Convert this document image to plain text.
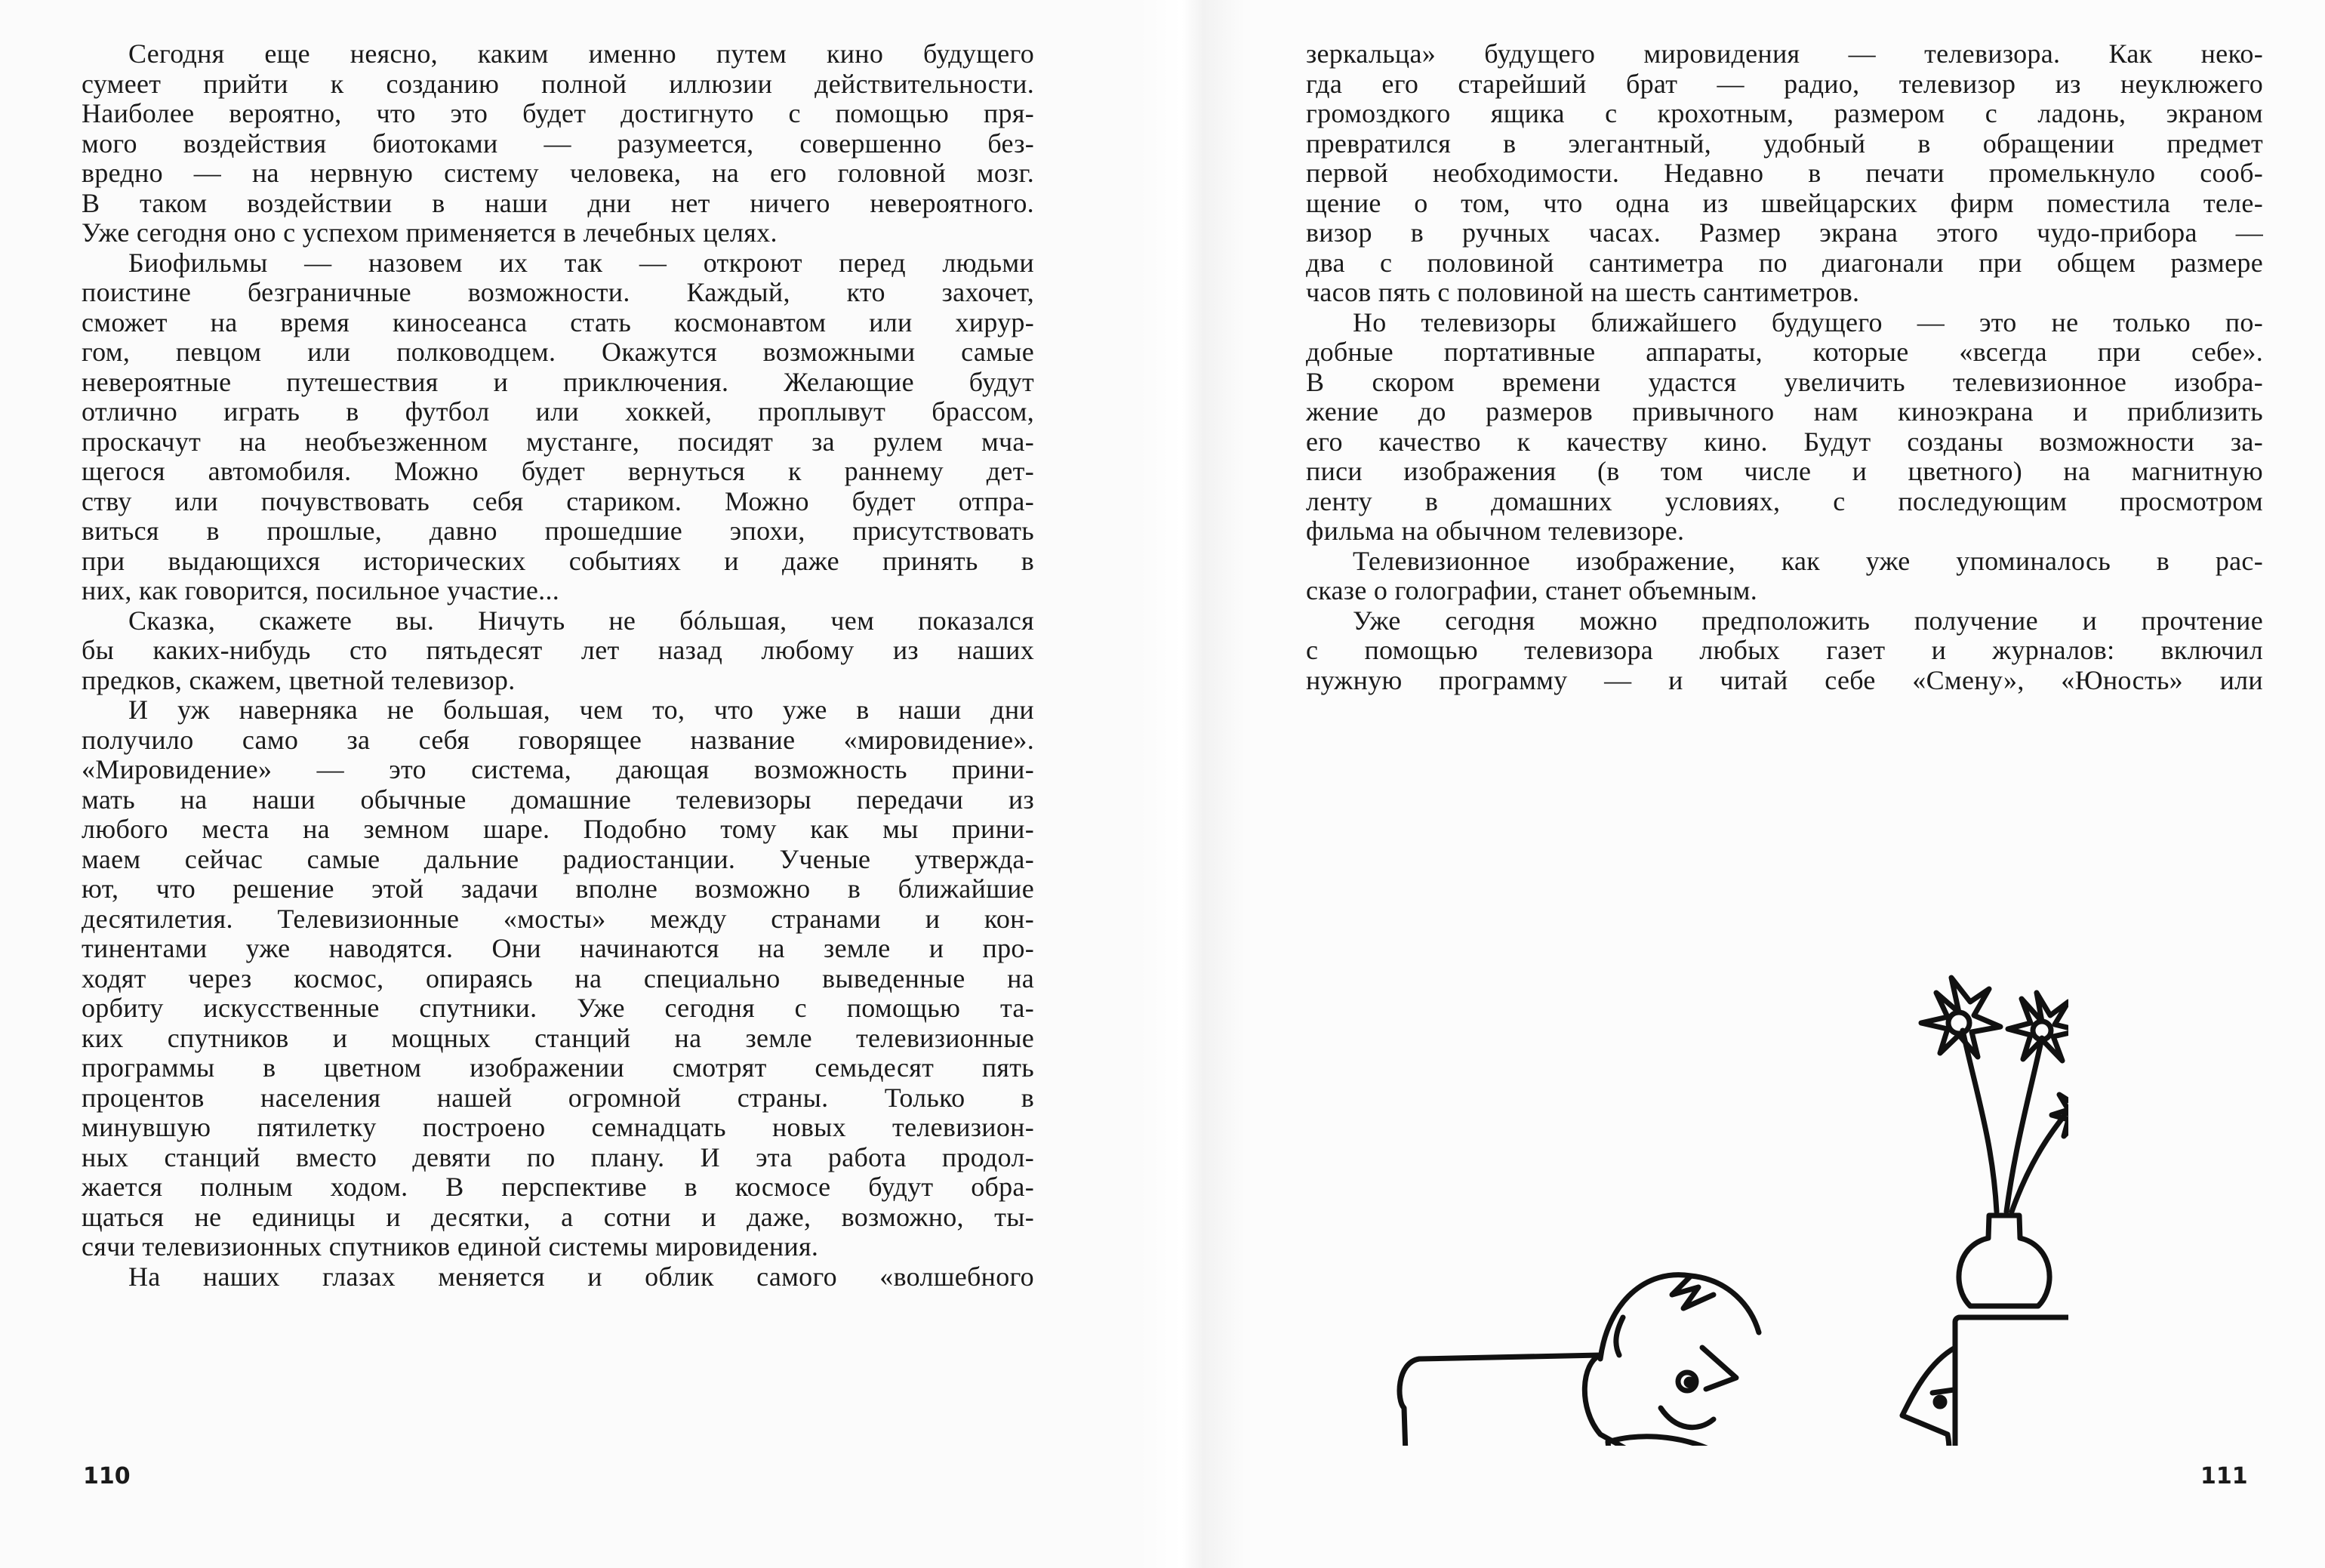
Сегодня еще неясно, каким именно путем кино будущего
сумеет прийти к созданию полной иллюзии действительности.
Наиболее вероятно, что это будет достигнуто с помощью пря-
мого воздействия биотоками — разумеется, совершенно без-
вредно — на нервную систему человека, на его головной мозг.
В таком воздействии в наши дни нет ничего невероятного.
Уже сегодня оно с успехом применяется в лечебных целях.
Биофильмы — назовем их так — откроют перед людьми
поистине безграничные возможности. Каждый, кто захочет,
сможет на время киносеанса стать космонавтом или хирур-
гом, певцом или полководцем. Окажутся возможными самые
невероятные путешествия и приключения. Желающие будут
отлично играть в футбол или хоккей, проплывут брассом,
проскачут на необъезженном мустанге, посидят за рулем мча-
щегося автомобиля. Можно будет вернуться к раннему дет-
ству или почувствовать себя стариком. Можно будет отпра-
виться в прошлые, давно прошедшие эпохи, присутствовать
при выдающихся исторических событиях и даже принять в
них, как говорится, посильное участие...
Сказка, скажете вы. Ничуть не бóльшая, чем показался
бы каких-нибудь сто пятьдесят лет назад любому из наших
предков, скажем, цветной телевизор.
И уж наверняка не большая, чем то, что уже в наши дни
получило само за себя говорящее название «мировидение».
«Мировидение» — это система, дающая возможность прини-
мать на наши обычные домашние телевизоры передачи из
любого места на земном шаре. Подобно тому как мы прини-
маем сейчас самые дальние радиостанции. Ученые утвержда-
ют, что решение этой задачи вполне возможно в ближайшие
десятилетия. Телевизионные «мосты» между странами и кон-
тинентами уже наводятся. Они начинаются на земле и про-
ходят через космос, опираясь на специально выведенные на
орбиту искусственные спутники. Уже сегодня с помощью та-
ких спутников и мощных станций на земле телевизионные
программы в цветном изображении смотрят семьдесят пять
процентов населения нашей огромной страны. Только в
минувшую пятилетку построено семнадцать новых телевизион-
ных станций вместо девяти по плану. И эта работа продол-
жается полным ходом. В перспективе в космосе будут обра-
щаться не единицы и десятки, а сотни и даже, возможно, ты-
сячи телевизионных спутников единой системы мировидения.
На наших глазах меняется и облик самого «волшебного
110
зеркальца» будущего мировидения — телевизора. Как неко-
гда его старейший брат — радио, телевизор из неуклюжего
громоздкого ящика с крохотным, размером с ладонь, экраном
превратился в элегантный, удобный в обращении предмет
первой необходимости. Недавно в печати промелькнуло сооб-
щение о том, что одна из швейцарских фирм поместила теле-
визор в ручных часах. Размер экрана этого чудо-прибора —
два с половиной сантиметра по диагонали при общем размере
часов пять с половиной на шесть сантиметров.
Но телевизоры ближайшего будущего — это не только по-
добные портативные аппараты, которые «всегда при себе».
В скором времени удастся увеличить телевизионное изобра-
жение до размеров привычного нам киноэкрана и приблизить
его качество к качеству кино. Будут созданы возможности за-
писи изображения (в том числе и цветного) на магнитную
ленту в домашних условиях, с последующим просмотром
фильма на обычном телевизоре.
Телевизионное изображение, как уже упоминалось в рас-
сказе о голографии, станет объемным.
Уже сегодня можно предположить получение и прочтение
с помощью телевизора любых газет и журналов: включил
нужную программу — и читай себе «Смену», «Юность» или
111
